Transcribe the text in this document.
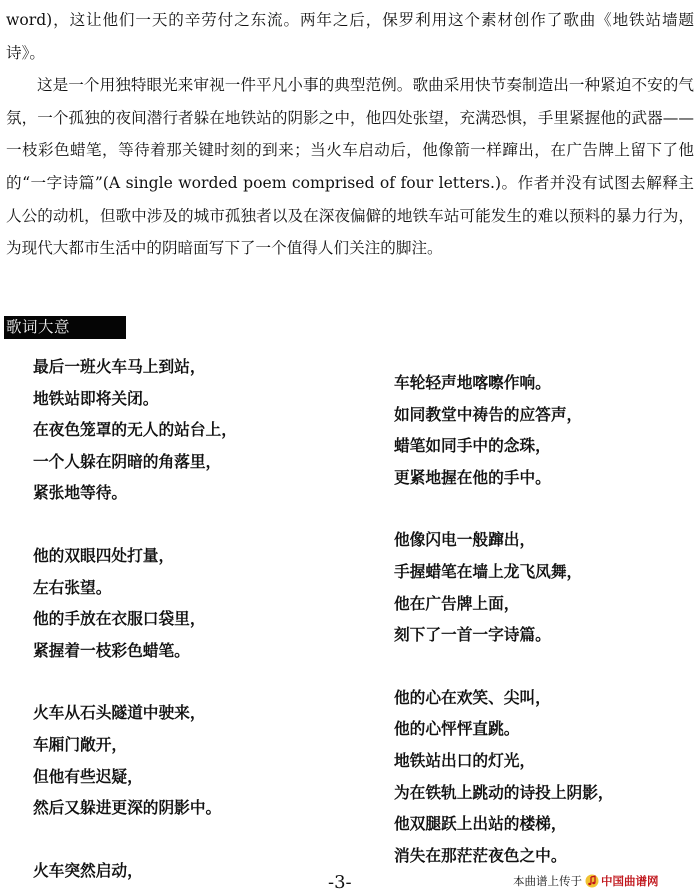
word)，这让他们一天的辛劳付之东流。两年之后，保罗利用这个素材创作了歌曲《地铁站墙题诗》。

这是一个用独特眼光来审视一件平凡小事的典型范例。歌曲采用快节奏制造出一种紧迫不安的气氛，一个孤独的夜间潜行者躲在地铁站的阴影之中，他四处张望，充满恐惧，手里紧握他的武器——一枝彩色蜡笔，等待着那关键时刻的到来；当火车启动后，他像箭一样蹿出，在广告牌上留下了他的“一字诗篇”(A single worded poem comprised of four letters.)。作者并没有试图去解释主人公的动机，但歌中涉及的城市孤独者以及在深夜偏僻的地铁车站可能发生的难以预料的暴力行为，为现代大都市生活中的阴暗面写下了一个值得人们关注的脚注。

歌词大意
最后一班火车马上到站，
地铁站即将关闭。
在夜色笼罩的无人的站台上，
一个人躲在阴暗的角落里，
紧张地等待。
他的双眼四处打量，
左右张望。
他的手放在衣服口袋里，
紧握着一枝彩色蜡笔。
火车从石头隧道中驶来，
车厢门敞开，
但他有些迟疑，
然后又躲进更深的阴影中。
火车突然启动，
车轮轻声地喀嚓作响。
如同教堂中祷告的应答声，
蜡笔如同手中的念珠，
更紧地握在他的手中。
他像闪电一般蹿出，
手握蜡笔在墙上龙飞凤舞，
他在广告牌上面，
刻下了一首一字诗篇。
他的心在欢笑、尖叫，
他的心怦怦直跳。
地铁站出口的灯光，
为在铁轨上跳动的诗投上阴影，
他双腿跃上出站的楼梯，
消失在那茫茫夜色之中。
-3-	本曲谱上传于 中国曲谱网
